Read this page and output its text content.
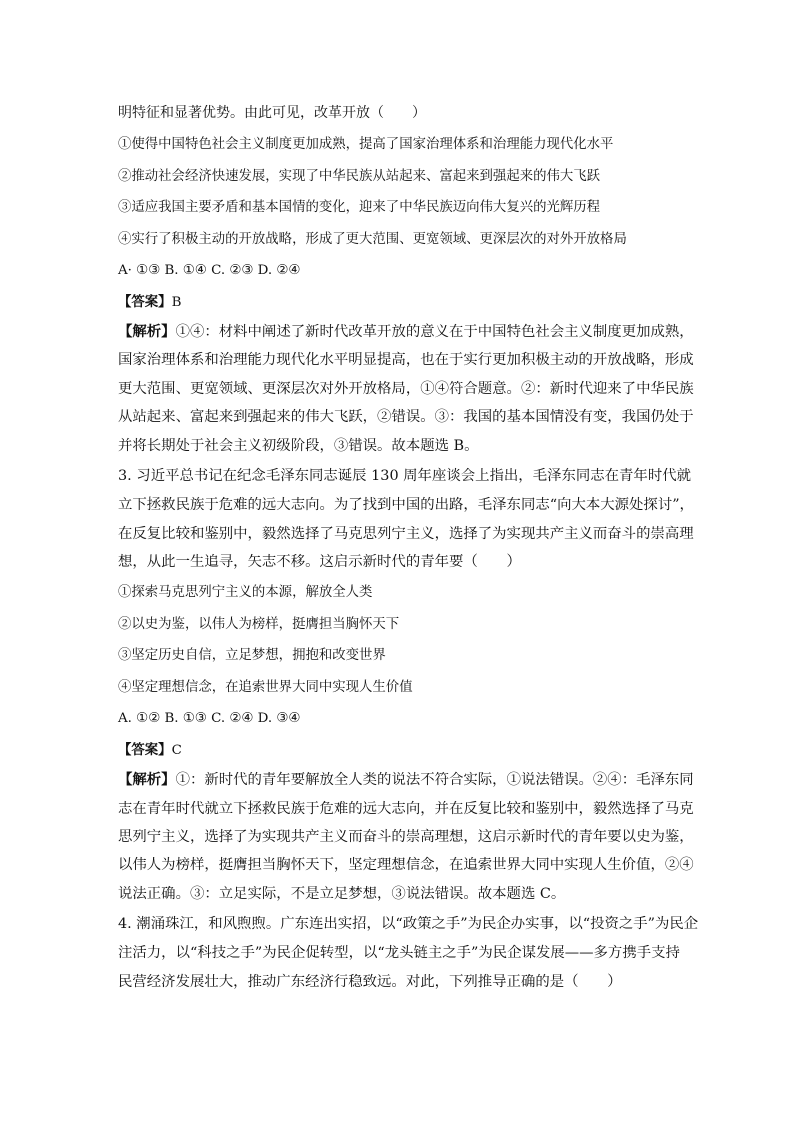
明特征和显著优势。由此可见，改革开放（　　）
①使得中国特色社会主义制度更加成熟，提高了国家治理体系和治理能力现代化水平
②推动社会经济快速发展，实现了中华民族从站起来、富起来到强起来的伟大飞跃
③适应我国主要矛盾和基本国情的变化，迎来了中华民族迈向伟大复兴的光辉历程
④实行了积极主动的开放战略，形成了更大范围、更宽领域、更深层次的对外开放格局
A· ①③ B. ①④ C. ②③ D. ②④
【答案】B
【解析】①④：材料中阐述了新时代改革开放的意义在于中国特色社会主义制度更加成熟，
国家治理体系和治理能力现代化水平明显提高，也在于实行更加积极主动的开放战略，形成
更大范围、更宽领域、更深层次对外开放格局，①④符合题意。②：新时代迎来了中华民族
从站起来、富起来到强起来的伟大飞跃，②错误。③：我国的基本国情没有变，我国仍处于
并将长期处于社会主义初级阶段，③错误。故本题选 B。
3. 习近平总书记在纪念毛泽东同志诞辰 130 周年座谈会上指出，毛泽东同志在青年时代就
立下拯救民族于危难的远大志向。为了找到中国的出路，毛泽东同志“向大本大源处探讨”，
在反复比较和鉴别中，毅然选择了马克思列宁主义，选择了为实现共产主义而奋斗的崇高理
想，从此一生追寻，矢志不移。这启示新时代的青年要（　　）
①探索马克思列宁主义的本源，解放全人类
②以史为鉴，以伟人为榜样，挺膺担当胸怀天下
③坚定历史自信，立足梦想，拥抱和改变世界
④坚定理想信念，在追索世界大同中实现人生价值
A. ①② B. ①③ C. ②④ D. ③④
【答案】C
【解析】①：新时代的青年要解放全人类的说法不符合实际，①说法错误。②④：毛泽东同
志在青年时代就立下拯救民族于危难的远大志向，并在反复比较和鉴别中，毅然选择了马克
思列宁主义，选择了为实现共产主义而奋斗的崇高理想，这启示新时代的青年要以史为鉴，
以伟人为榜样，挺膺担当胸怀天下，坚定理想信念，在追索世界大同中实现人生价值，②④
说法正确。③：立足实际，不是立足梦想，③说法错误。故本题选 C。
4. 潮涌珠江，和风煦煦。广东连出实招，以“政策之手”为民企办实事，以“投资之手”为民企
注活力，以“科技之手”为民企促转型，以“龙头链主之手”为民企谋发展——多方携手支持
民营经济发展壮大，推动广东经济行稳致远。对此，下列推导正确的是（　　）
